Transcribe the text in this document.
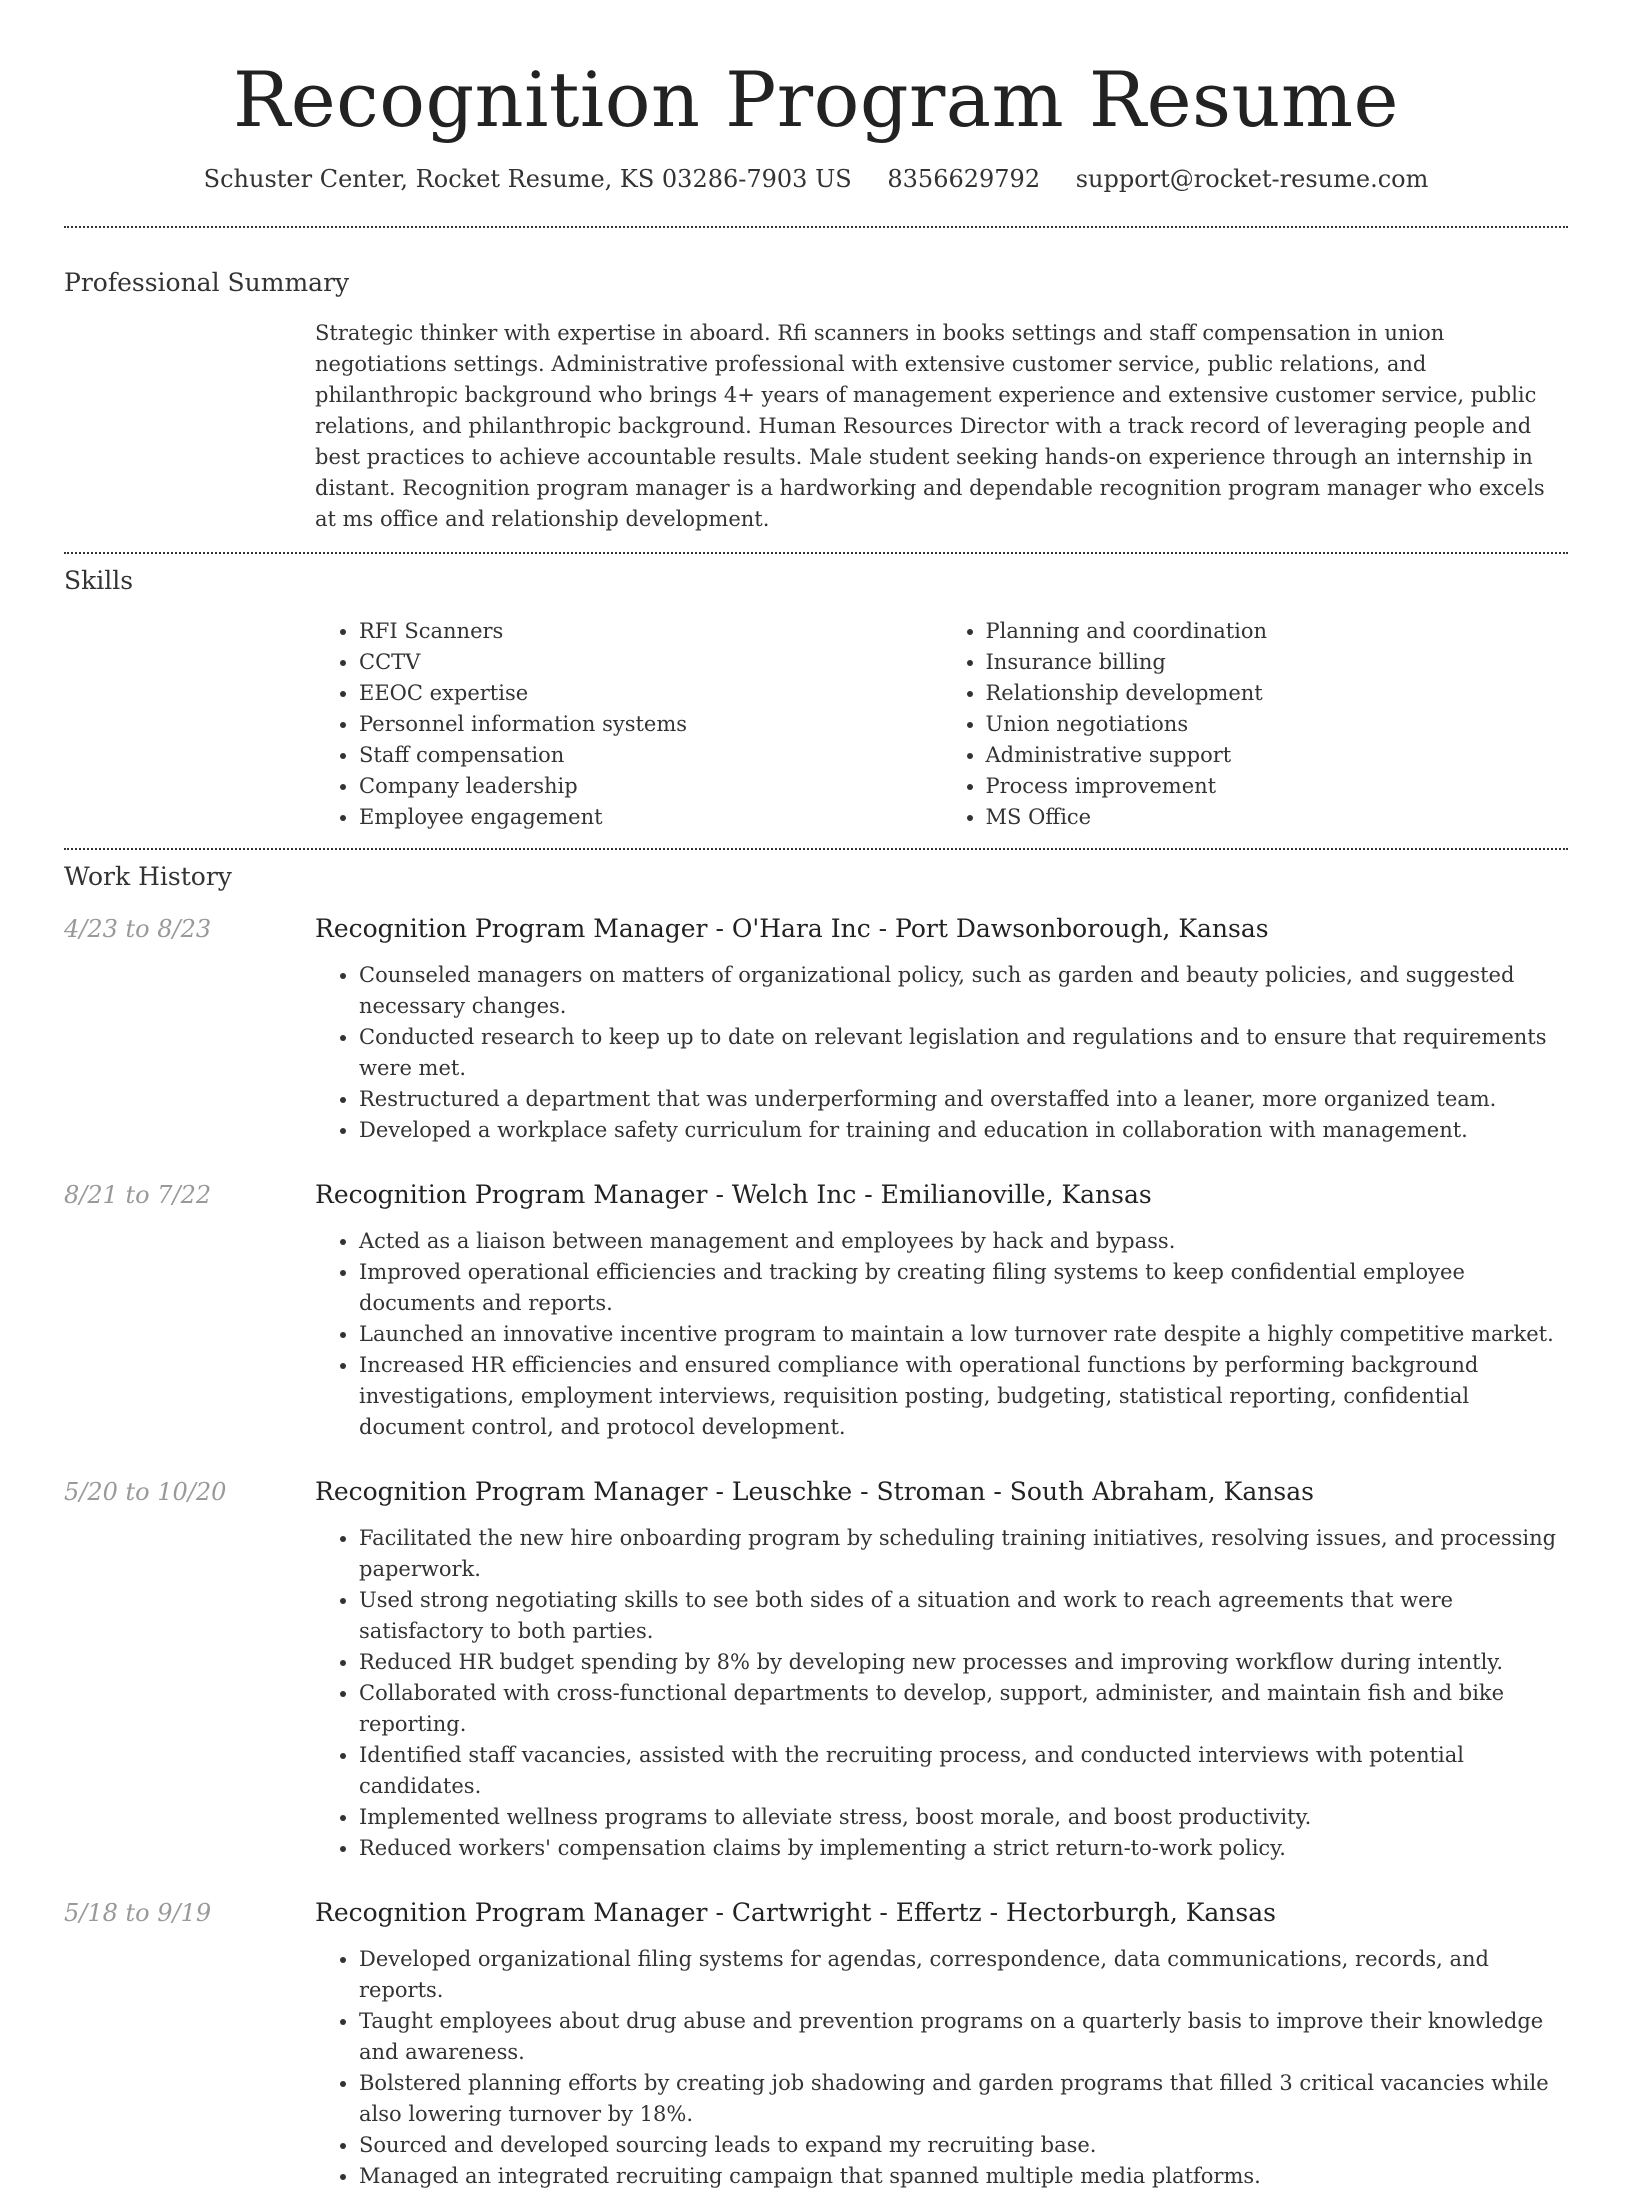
Recognition Program Resume
Schuster Center, Rocket Resume, KS 03286-7903 US 8356629792 support@rocket-resume.com
Professional Summary
Strategic thinker with expertise in aboard. Rfi scanners in books settings and staff compensation in union negotiations settings. Administrative professional with extensive customer service, public relations, and philanthropic background who brings 4+ years of management experience and extensive customer service, public relations, and philanthropic background. Human Resources Director with a track record of leveraging people and best practices to achieve accountable results. Male student seeking hands-on experience through an internship in distant. Recognition program manager is a hardworking and dependable recognition program manager who excels at ms office and relationship development.
Skills
• RFI Scanners
• CCTV
• EEOC expertise
• Personnel information systems
• Staff compensation
• Company leadership
• Employee engagement
• Planning and coordination
• Insurance billing
• Relationship development
• Union negotiations
• Administrative support
• Process improvement
• MS Office
Work History
4/23 to 8/23	Recognition Program Manager - O'Hara Inc - Port Dawsonborough, Kansas
• Counseled managers on matters of organizational policy, such as garden and beauty policies, and suggested necessary changes.
• Conducted research to keep up to date on relevant legislation and regulations and to ensure that requirements were met.
• Restructured a department that was underperforming and overstaffed into a leaner, more organized team.
• Developed a workplace safety curriculum for training and education in collaboration with management.
8/21 to 7/22	Recognition Program Manager - Welch Inc - Emilianoville, Kansas
• Acted as a liaison between management and employees by hack and bypass.
• Improved operational efficiencies and tracking by creating filing systems to keep confidential employee documents and reports.
• Launched an innovative incentive program to maintain a low turnover rate despite a highly competitive market.
• Increased HR efficiencies and ensured compliance with operational functions by performing background investigations, employment interviews, requisition posting, budgeting, statistical reporting, confidential document control, and protocol development.
5/20 to 10/20	Recognition Program Manager - Leuschke - Stroman - South Abraham, Kansas
• Facilitated the new hire onboarding program by scheduling training initiatives, resolving issues, and processing paperwork.
• Used strong negotiating skills to see both sides of a situation and work to reach agreements that were satisfactory to both parties.
• Reduced HR budget spending by 8% by developing new processes and improving workflow during intently.
• Collaborated with cross-functional departments to develop, support, administer, and maintain fish and bike reporting.
• Identified staff vacancies, assisted with the recruiting process, and conducted interviews with potential candidates.
• Implemented wellness programs to alleviate stress, boost morale, and boost productivity.
• Reduced workers' compensation claims by implementing a strict return-to-work policy.
5/18 to 9/19	Recognition Program Manager - Cartwright - Effertz - Hectorburgh, Kansas
• Developed organizational filing systems for agendas, correspondence, data communications, records, and reports.
• Taught employees about drug abuse and prevention programs on a quarterly basis to improve their knowledge and awareness.
• Bolstered planning efforts by creating job shadowing and garden programs that filled 3 critical vacancies while also lowering turnover by 18%.
• Sourced and developed sourcing leads to expand my recruiting base.
• Managed an integrated recruiting campaign that spanned multiple media platforms.
